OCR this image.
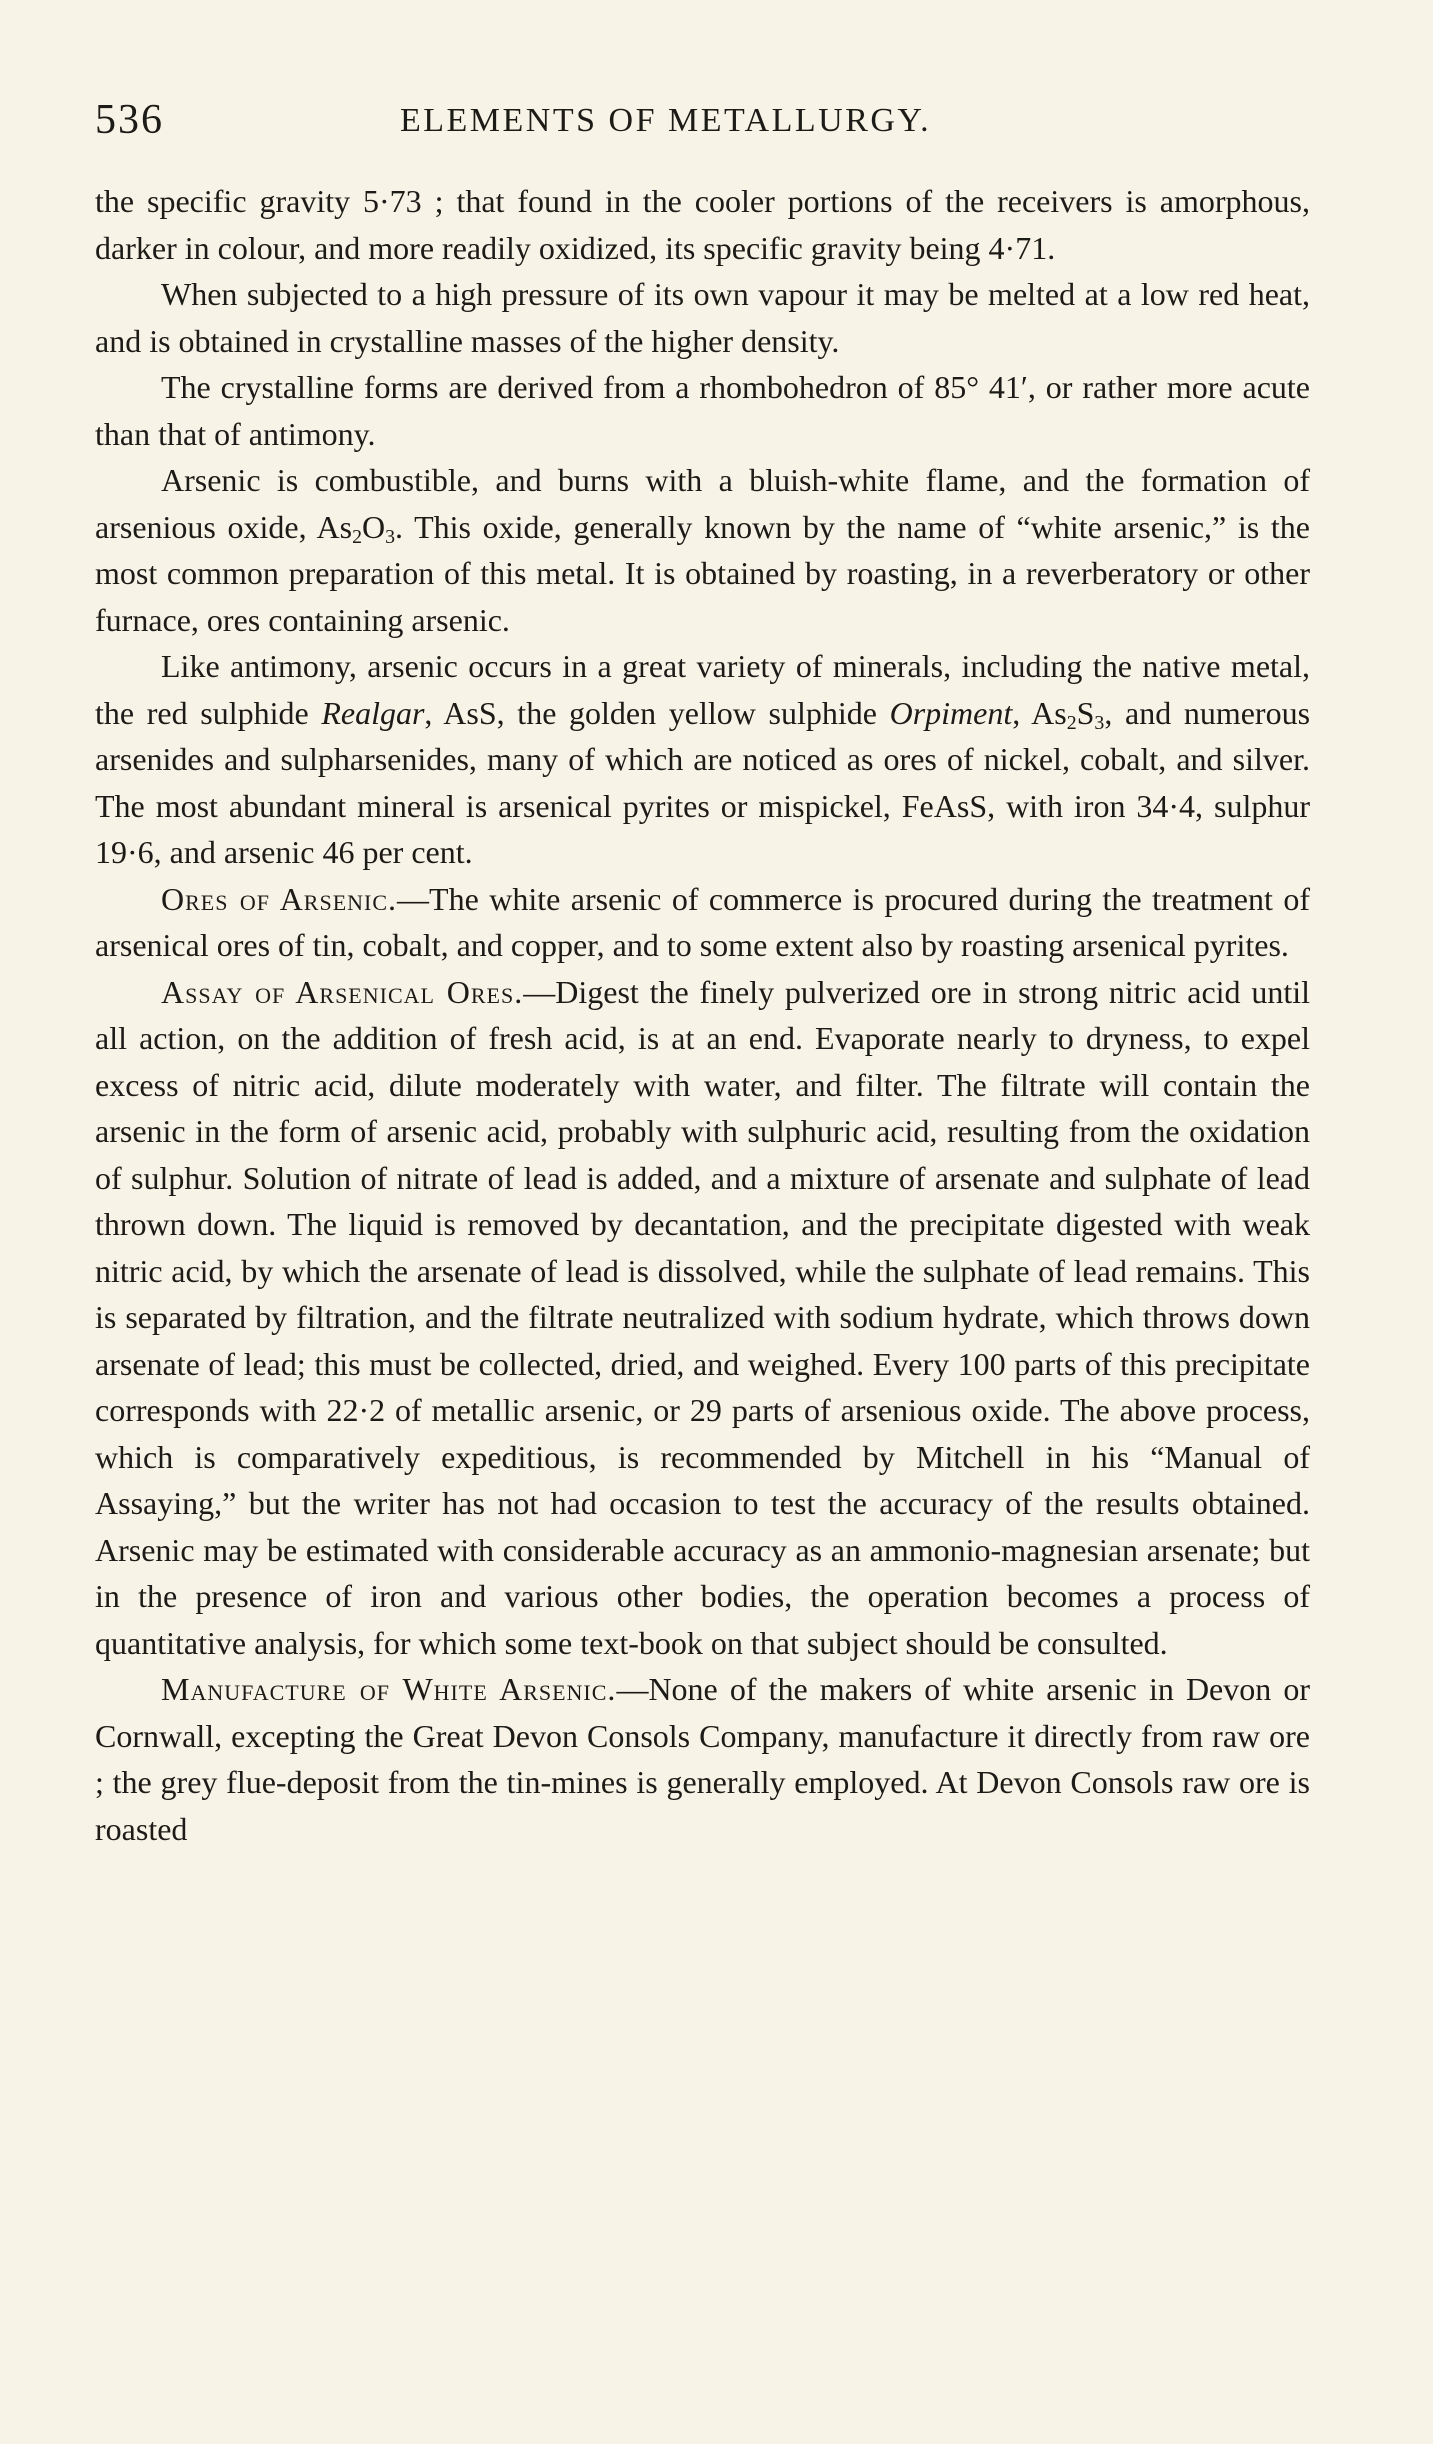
536	ELEMENTS OF METALLURGY.

the specific gravity 5·73 ; that found in the cooler portions of the receivers is amorphous, darker in colour, and more readily oxidized, its specific gravity being 4·71.

When subjected to a high pressure of its own vapour it may be melted at a low red heat, and is obtained in crystalline masses of the higher density.

The crystalline forms are derived from a rhombohedron of 85° 41′, or rather more acute than that of antimony.

Arsenic is combustible, and burns with a bluish-white flame, and the formation of arsenious oxide, $As_2O_3$. This oxide, generally known by the name of “white arsenic,” is the most common preparation of this metal. It is obtained by roasting, in a reverberatory or other furnace, ores containing arsenic.

Like antimony, arsenic occurs in a great variety of minerals, including the native metal, the red sulphide Realgar, AsS, the golden yellow sulphide Orpiment, $As_2S_3$, and numerous arsenides and sulpharsenides, many of which are noticed as ores of nickel, cobalt, and silver. The most abundant mineral is arsenical pyrites or mispickel, FeAsS, with iron 34·4, sulphur 19·6, and arsenic 46 per cent.

Ores of Arsenic.—The white arsenic of commerce is procured during the treatment of arsenical ores of tin, cobalt, and copper, and to some extent also by roasting arsenical pyrites.

Assay of Arsenical Ores.—Digest the finely pulverized ore in strong nitric acid until all action, on the addition of fresh acid, is at an end. Evaporate nearly to dryness, to expel excess of nitric acid, dilute moderately with water, and filter. The filtrate will contain the arsenic in the form of arsenic acid, probably with sulphuric acid, resulting from the oxidation of sulphur. Solution of nitrate of lead is added, and a mixture of arsenate and sulphate of lead thrown down. The liquid is removed by decantation, and the precipitate digested with weak nitric acid, by which the arsenate of lead is dissolved, while the sulphate of lead remains. This is separated by filtration, and the filtrate neutralized with sodium hydrate, which throws down arsenate of lead; this must be collected, dried, and weighed. Every 100 parts of this precipitate corresponds with 22·2 of metallic arsenic, or 29 parts of arsenious oxide. The above process, which is comparatively expeditious, is recommended by Mitchell in his “Manual of Assaying,” but the writer has not had occasion to test the accuracy of the results obtained. Arsenic may be estimated with considerable accuracy as an ammonio-magnesian arsenate; but in the presence of iron and various other bodies, the operation becomes a process of quantitative analysis, for which some text-book on that subject should be consulted.

Manufacture of White Arsenic.—None of the makers of white arsenic in Devon or Cornwall, excepting the Great Devon Consols Company, manufacture it directly from raw ore ; the grey flue-deposit from the tin-mines is generally employed. At Devon Consols raw ore is roasted
